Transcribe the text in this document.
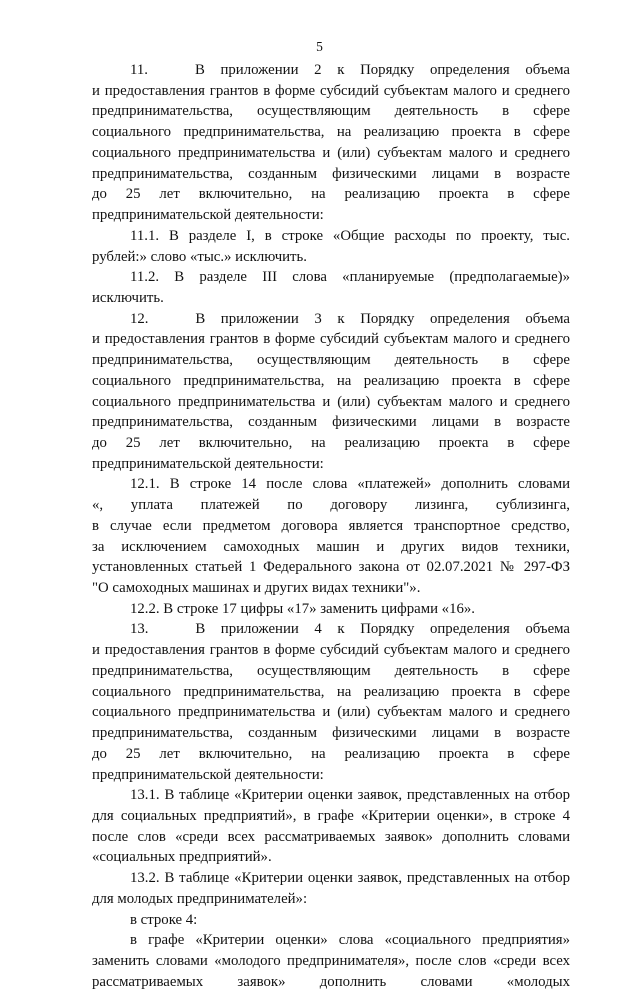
5
11.   В приложении 2 к Порядку определения объема
и предоставления грантов в форме субсидий субъектам малого и среднего
предпринимательства, осуществляющим деятельность в сфере
социального предпринимательства, на реализацию проекта в сфере
социального предпринимательства и (или) субъектам малого и среднего
предпринимательства, созданным физическими лицами в возрасте
до 25 лет включительно, на реализацию проекта в сфере
предпринимательской деятельности:
11.1. В разделе I, в строке «Общие расходы по проекту, тыс.
рублей:» слово «тыс.» исключить.
11.2. В разделе III слова «планируемые (предполагаемые)»
исключить.
12.   В приложении 3 к Порядку определения объема
и предоставления грантов в форме субсидий субъектам малого и среднего
предпринимательства, осуществляющим деятельность в сфере
социального предпринимательства, на реализацию проекта в сфере
социального предпринимательства и (или) субъектам малого и среднего
предпринимательства, созданным физическими лицами в возрасте
до 25 лет включительно, на реализацию проекта в сфере
предпринимательской деятельности:
12.1. В строке 14 после слова «платежей» дополнить словами
«, уплата платежей по договору лизинга, сублизинга,
в случае если предметом договора является транспортное средство,
за исключением самоходных машин и других видов техники,
установленных статьей 1 Федерального закона от 02.07.2021 № 297-ФЗ
"О самоходных машинах и других видах техники"».
12.2. В строке 17 цифры «17» заменить цифрами «16».
13.   В приложении 4 к Порядку определения объема
и предоставления грантов в форме субсидий субъектам малого и среднего
предпринимательства, осуществляющим деятельность в сфере
социального предпринимательства, на реализацию проекта в сфере
социального предпринимательства и (или) субъектам малого и среднего
предпринимательства, созданным физическими лицами в возрасте
до 25 лет включительно, на реализацию проекта в сфере
предпринимательской деятельности:
13.1. В таблице «Критерии оценки заявок, представленных на отбор
для социальных предприятий», в графе «Критерии оценки», в строке 4
после слов «среди всех рассматриваемых заявок» дополнить словами
«социальных предприятий».
13.2. В таблице «Критерии оценки заявок, представленных на отбор
для молодых предпринимателей»:
в строке 4:
в графе «Критерии оценки» слова «социального предприятия»
заменить словами «молодого предпринимателя», после слов «среди всех
рассматриваемых заявок» дополнить словами «молодых
